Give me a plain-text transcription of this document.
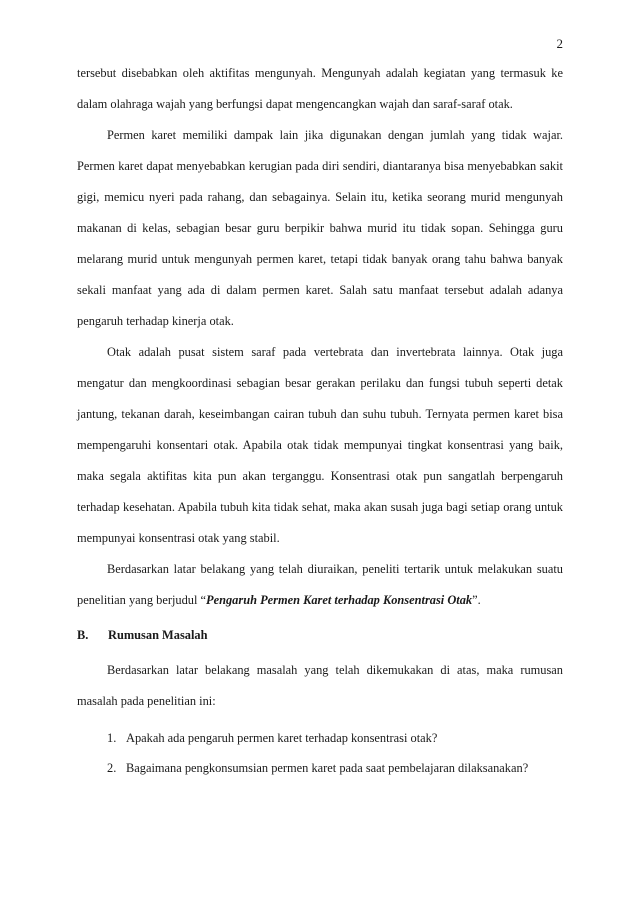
2

tersebut disebabkan oleh aktifitas mengunyah. Mengunyah adalah kegiatan yang termasuk ke dalam olahraga wajah yang berfungsi dapat mengencangkan wajah dan saraf-saraf otak.

Permen karet memiliki dampak lain jika digunakan dengan jumlah yang tidak wajar. Permen karet dapat menyebabkan kerugian pada diri sendiri, diantaranya bisa menyebabkan sakit gigi, memicu nyeri pada rahang, dan sebagainya. Selain itu, ketika seorang murid mengunyah makanan di kelas, sebagian besar guru berpikir bahwa murid itu tidak sopan. Sehingga guru melarang murid untuk mengunyah permen karet, tetapi tidak banyak orang tahu bahwa banyak sekali manfaat yang ada di dalam permen karet. Salah satu manfaat tersebut adalah adanya pengaruh terhadap kinerja otak.

Otak adalah pusat sistem saraf pada vertebrata dan invertebrata lainnya. Otak juga mengatur dan mengkoordinasi sebagian besar gerakan perilaku dan fungsi tubuh seperti detak jantung, tekanan darah, keseimbangan cairan tubuh dan suhu tubuh. Ternyata permen karet bisa mempengaruhi konsentari otak. Apabila otak tidak mempunyai tingkat konsentrasi yang baik, maka segala aktifitas kita pun akan terganggu. Konsentrasi otak pun sangatlah berpengaruh terhadap kesehatan. Apabila tubuh kita tidak sehat, maka akan susah juga bagi setiap orang untuk mempunyai konsentrasi otak yang stabil.

Berdasarkan latar belakang yang telah diuraikan, peneliti tertarik untuk melakukan suatu penelitian yang berjudul “Pengaruh Permen Karet terhadap Konsentrasi Otak”.

B. Rumusan Masalah

Berdasarkan latar belakang masalah yang telah dikemukakan di atas, maka rumusan masalah pada penelitian ini:

1. Apakah ada pengaruh permen karet terhadap konsentrasi otak?
2. Bagaimana pengkonsumsian permen karet pada saat pembelajaran dilaksanakan?
